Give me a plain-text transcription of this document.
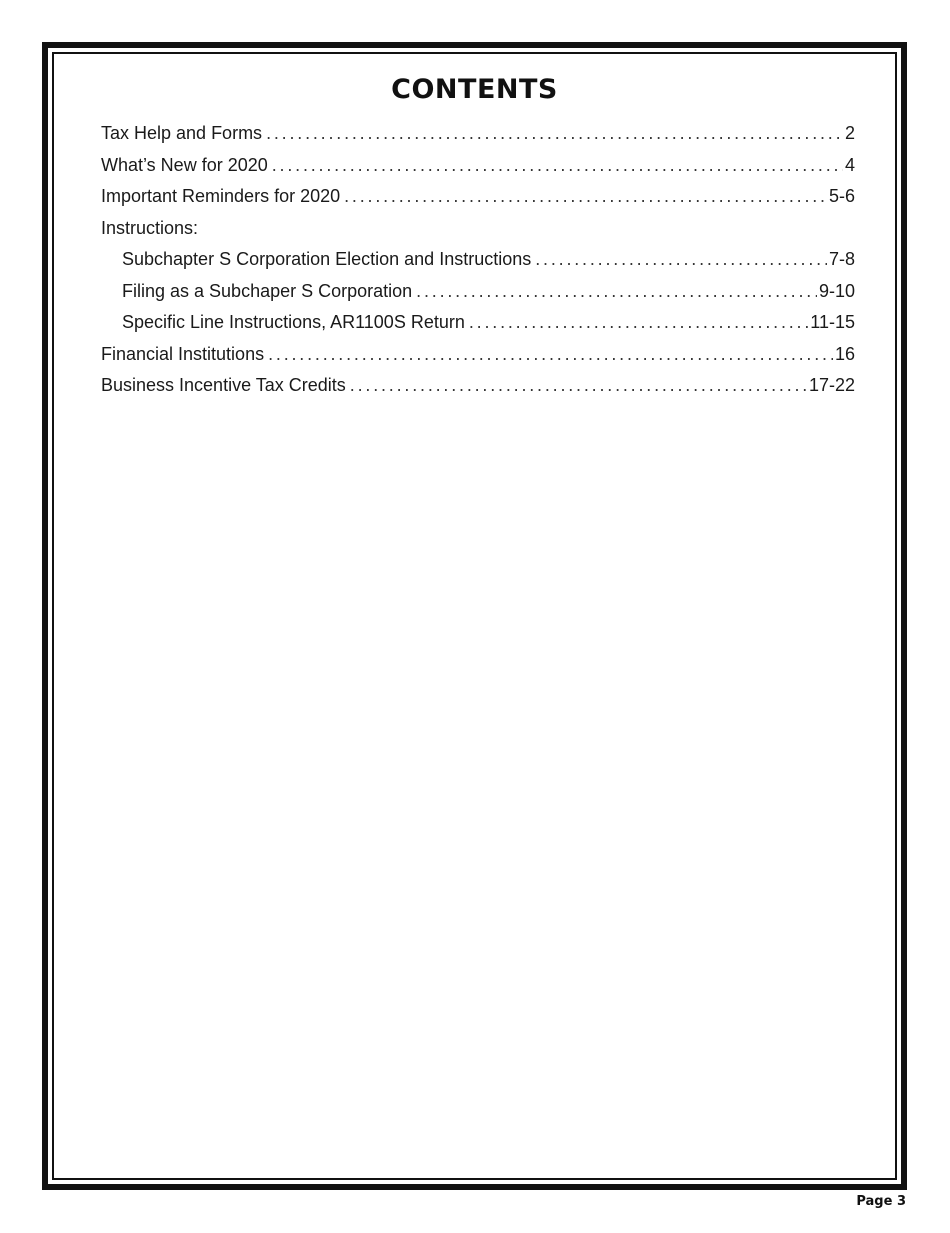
CONTENTS
Tax Help and Forms . . .	2
What’s New for 2020 . . .	4
Important Reminders for 2020 . . .	5-6
Instructions:
Subchapter S Corporation Election and Instructions . . .	7-8
Filing as a Subchaper S Corporation . . .	9-10
Specific Line Instructions, AR1100S Return . . .	11-15
Financial Institutions . . .	16
Business Incentive Tax Credits . . .	17-22
Page 3
